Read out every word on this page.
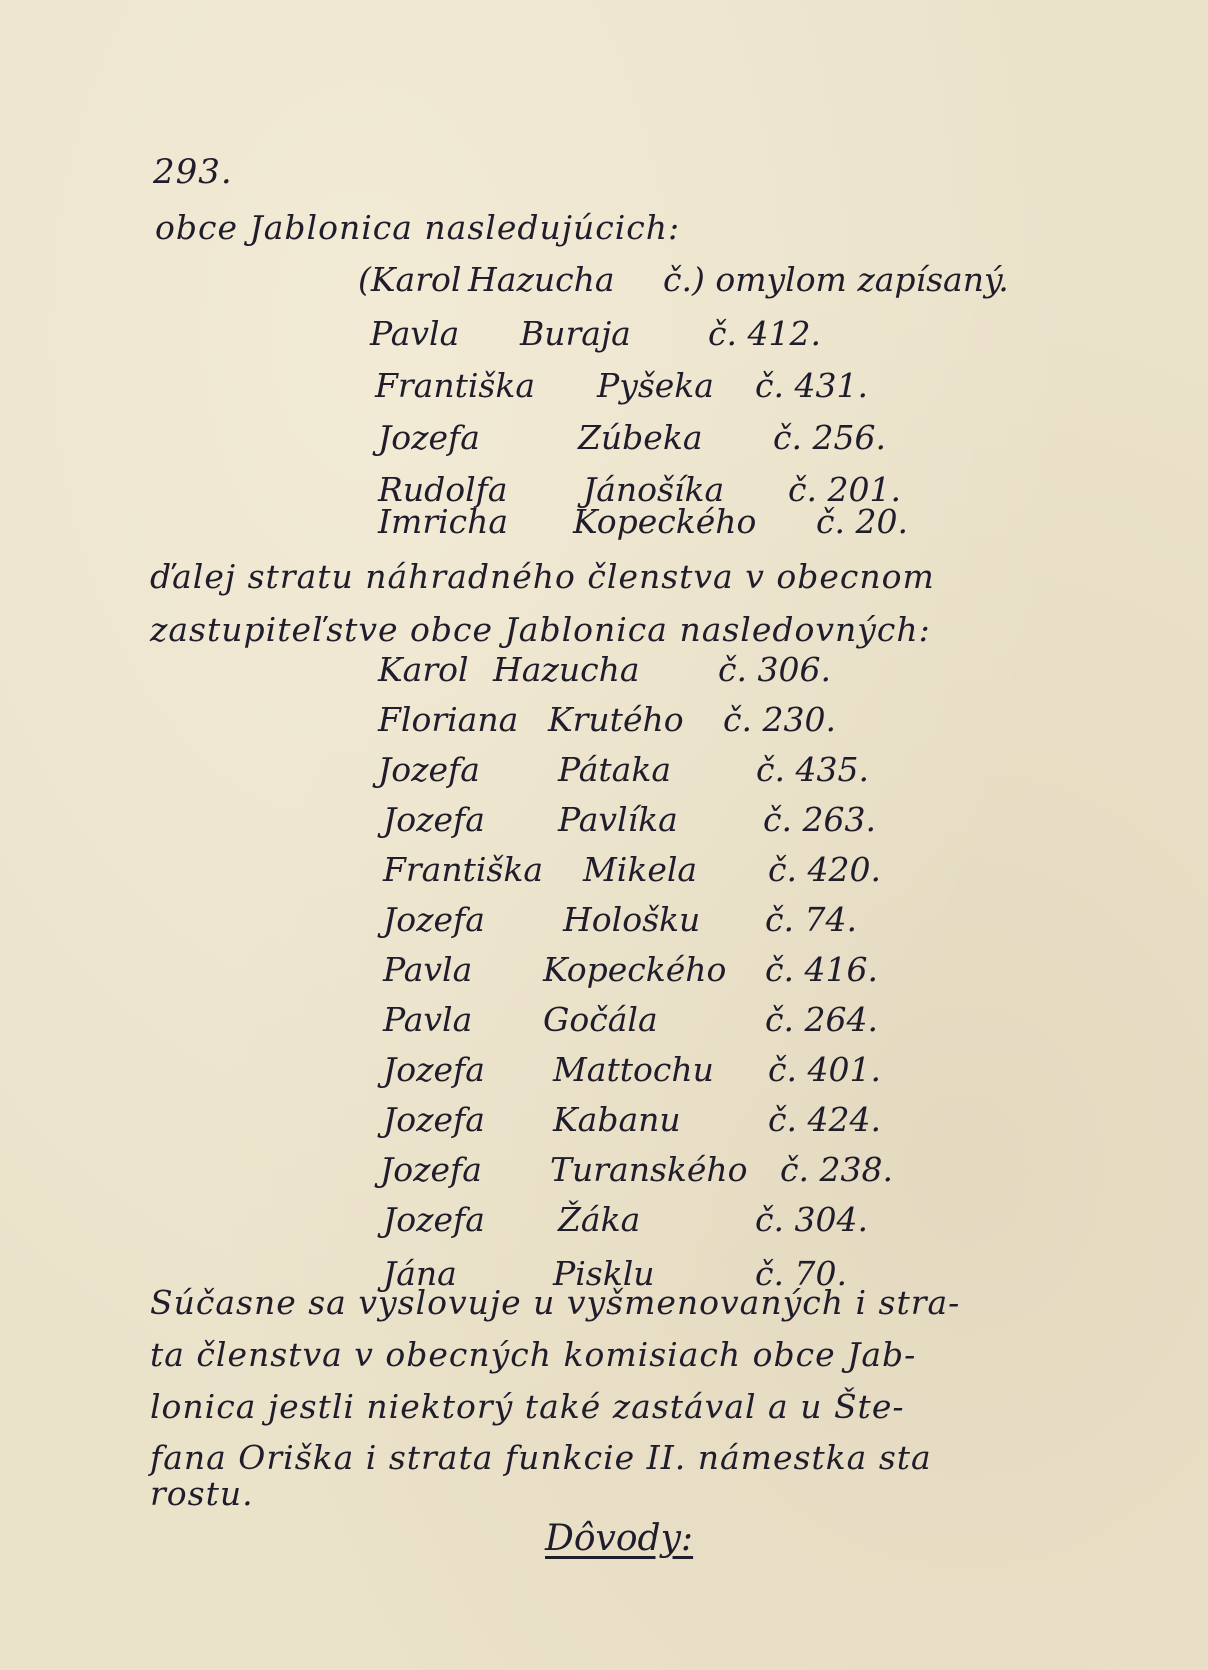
293.
obce Jablonica nasledujúcich:
(Karol Hazucha č.) omylom zapísaný.
Pavla Buraja č. 412.
Františka Pyšeka č. 431.
Jozefa	Zúbeka č. 256.
Rudolfa Jánošíka č. 201.
Imricha Kopeckého č. 20.
ďalej stratu náhradného členstva v obecnom
zastupiteľstve obce Jablonica nasledovných:
Karol Hazucha č. 306.
Floriana Krutého č. 230.
Jozefa Pátaka	č. 435.
Jozefa Pavlíka	č. 263.
Františka Mikela č. 420.
Jozefa Hološku č. 74.
Pavla Kopeckého č. 416.
Pavla Gočála	č. 264.
Jozefa Mattochu č. 401.
Jozefa Kabanu	č. 424.
Jozefa Turanského č. 238.
Jozefa Žáka	č. 304.
Jána	Pisklu	č. 70.
Súčasne sa vyslovuje u vyšmenovaných i stra-
ta členstva v obecných komisiach obce Jab-
lonica jestli niektorý také zastával a u Šte-
fana Oriška i strata funkcie II. námestka sta
rostu.
Dôvody:
